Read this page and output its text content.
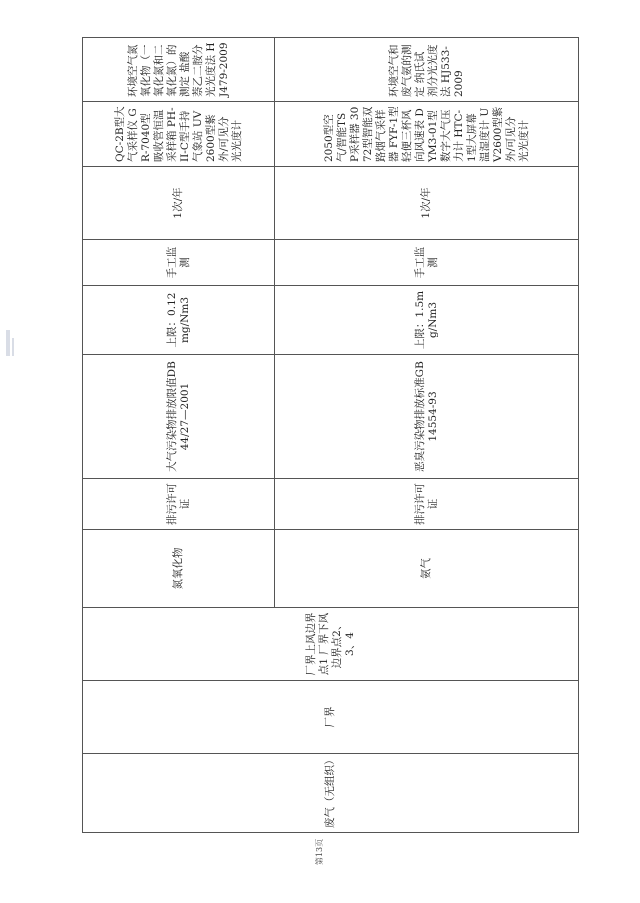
废气（无组织）	厂界	厂界上风边界点1 厂界下风边界点2、3、4	氮氧化物	排污许可证	大气污染物排放限值DB44/27—2001	上限：0.12mg/Nm3	手工监测	1次/年	QC-2B型大气采样仪 GR-7040型吸收管恒温采样箱 PH-II-C型手持气象站 UV2600型紫外/可见分光光度计	环境空气氮氧化物（一氧化氮和二氧化氮）的测定 盐酸萘乙二胺分光光度法 HJ479-2009
			氨气	排污许可证	恶臭污染物排放标准GB14554-93	上限：1.5mg/Nm3	手工监测	1次/年	2050型空气/智能TSP采样器 3072型智能双路烟气采样器 FYF-1型轻便三杯风向风速表 DYM3-01型数字大气压力计 HTC-1型大屏幕温湿度计 UV2600型紫外/可见分光光度计	环境空气和废气氨的测定 纳氏试剂分光光度法 HJ533-2009
第13页
